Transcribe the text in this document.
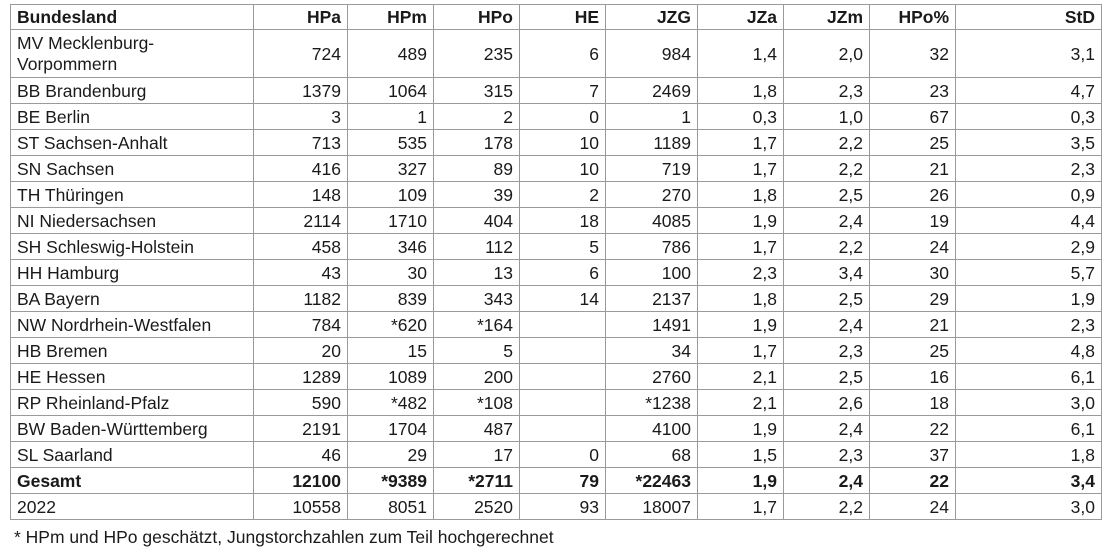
Bundesland	HPa	HPm	HPo	HE	JZG	JZa	JZm	HPo%	StD
MV Mecklenburg-Vorpommern	724	489	235	6	984	1,4	2,0	32	3,1
BB Brandenburg	1379	1064	315	7	2469	1,8	2,3	23	4,7
BE Berlin	3	1	2	0	1	0,3	1,0	67	0,3
ST Sachsen-Anhalt	713	535	178	10	1189	1,7	2,2	25	3,5
SN Sachsen	416	327	89	10	719	1,7	2,2	21	2,3
TH Thüringen	148	109	39	2	270	1,8	2,5	26	0,9
NI Niedersachsen	2114	1710	404	18	4085	1,9	2,4	19	4,4
SH Schleswig-Holstein	458	346	112	5	786	1,7	2,2	24	2,9
HH Hamburg	43	30	13	6	100	2,3	3,4	30	5,7
BA Bayern	1182	839	343	14	2137	1,8	2,5	29	1,9
NW Nordrhein-Westfalen	784	*620	*164		1491	1,9	2,4	21	2,3
HB Bremen	20	15	5		34	1,7	2,3	25	4,8
HE Hessen	1289	1089	200		2760	2,1	2,5	16	6,1
RP Rheinland-Pfalz	590	*482	*108		*1238	2,1	2,6	18	3,0
BW Baden-Württemberg	2191	1704	487		4100	1,9	2,4	22	6,1
SL Saarland	46	29	17	0	68	1,5	2,3	37	1,8
Gesamt	12100	*9389	*2711	79	*22463	1,9	2,4	22	3,4
2022	10558	8051	2520	93	18007	1,7	2,2	24	3,0
* HPm und HPo geschätzt, Jungstorchzahlen zum Teil hochgerechnet
